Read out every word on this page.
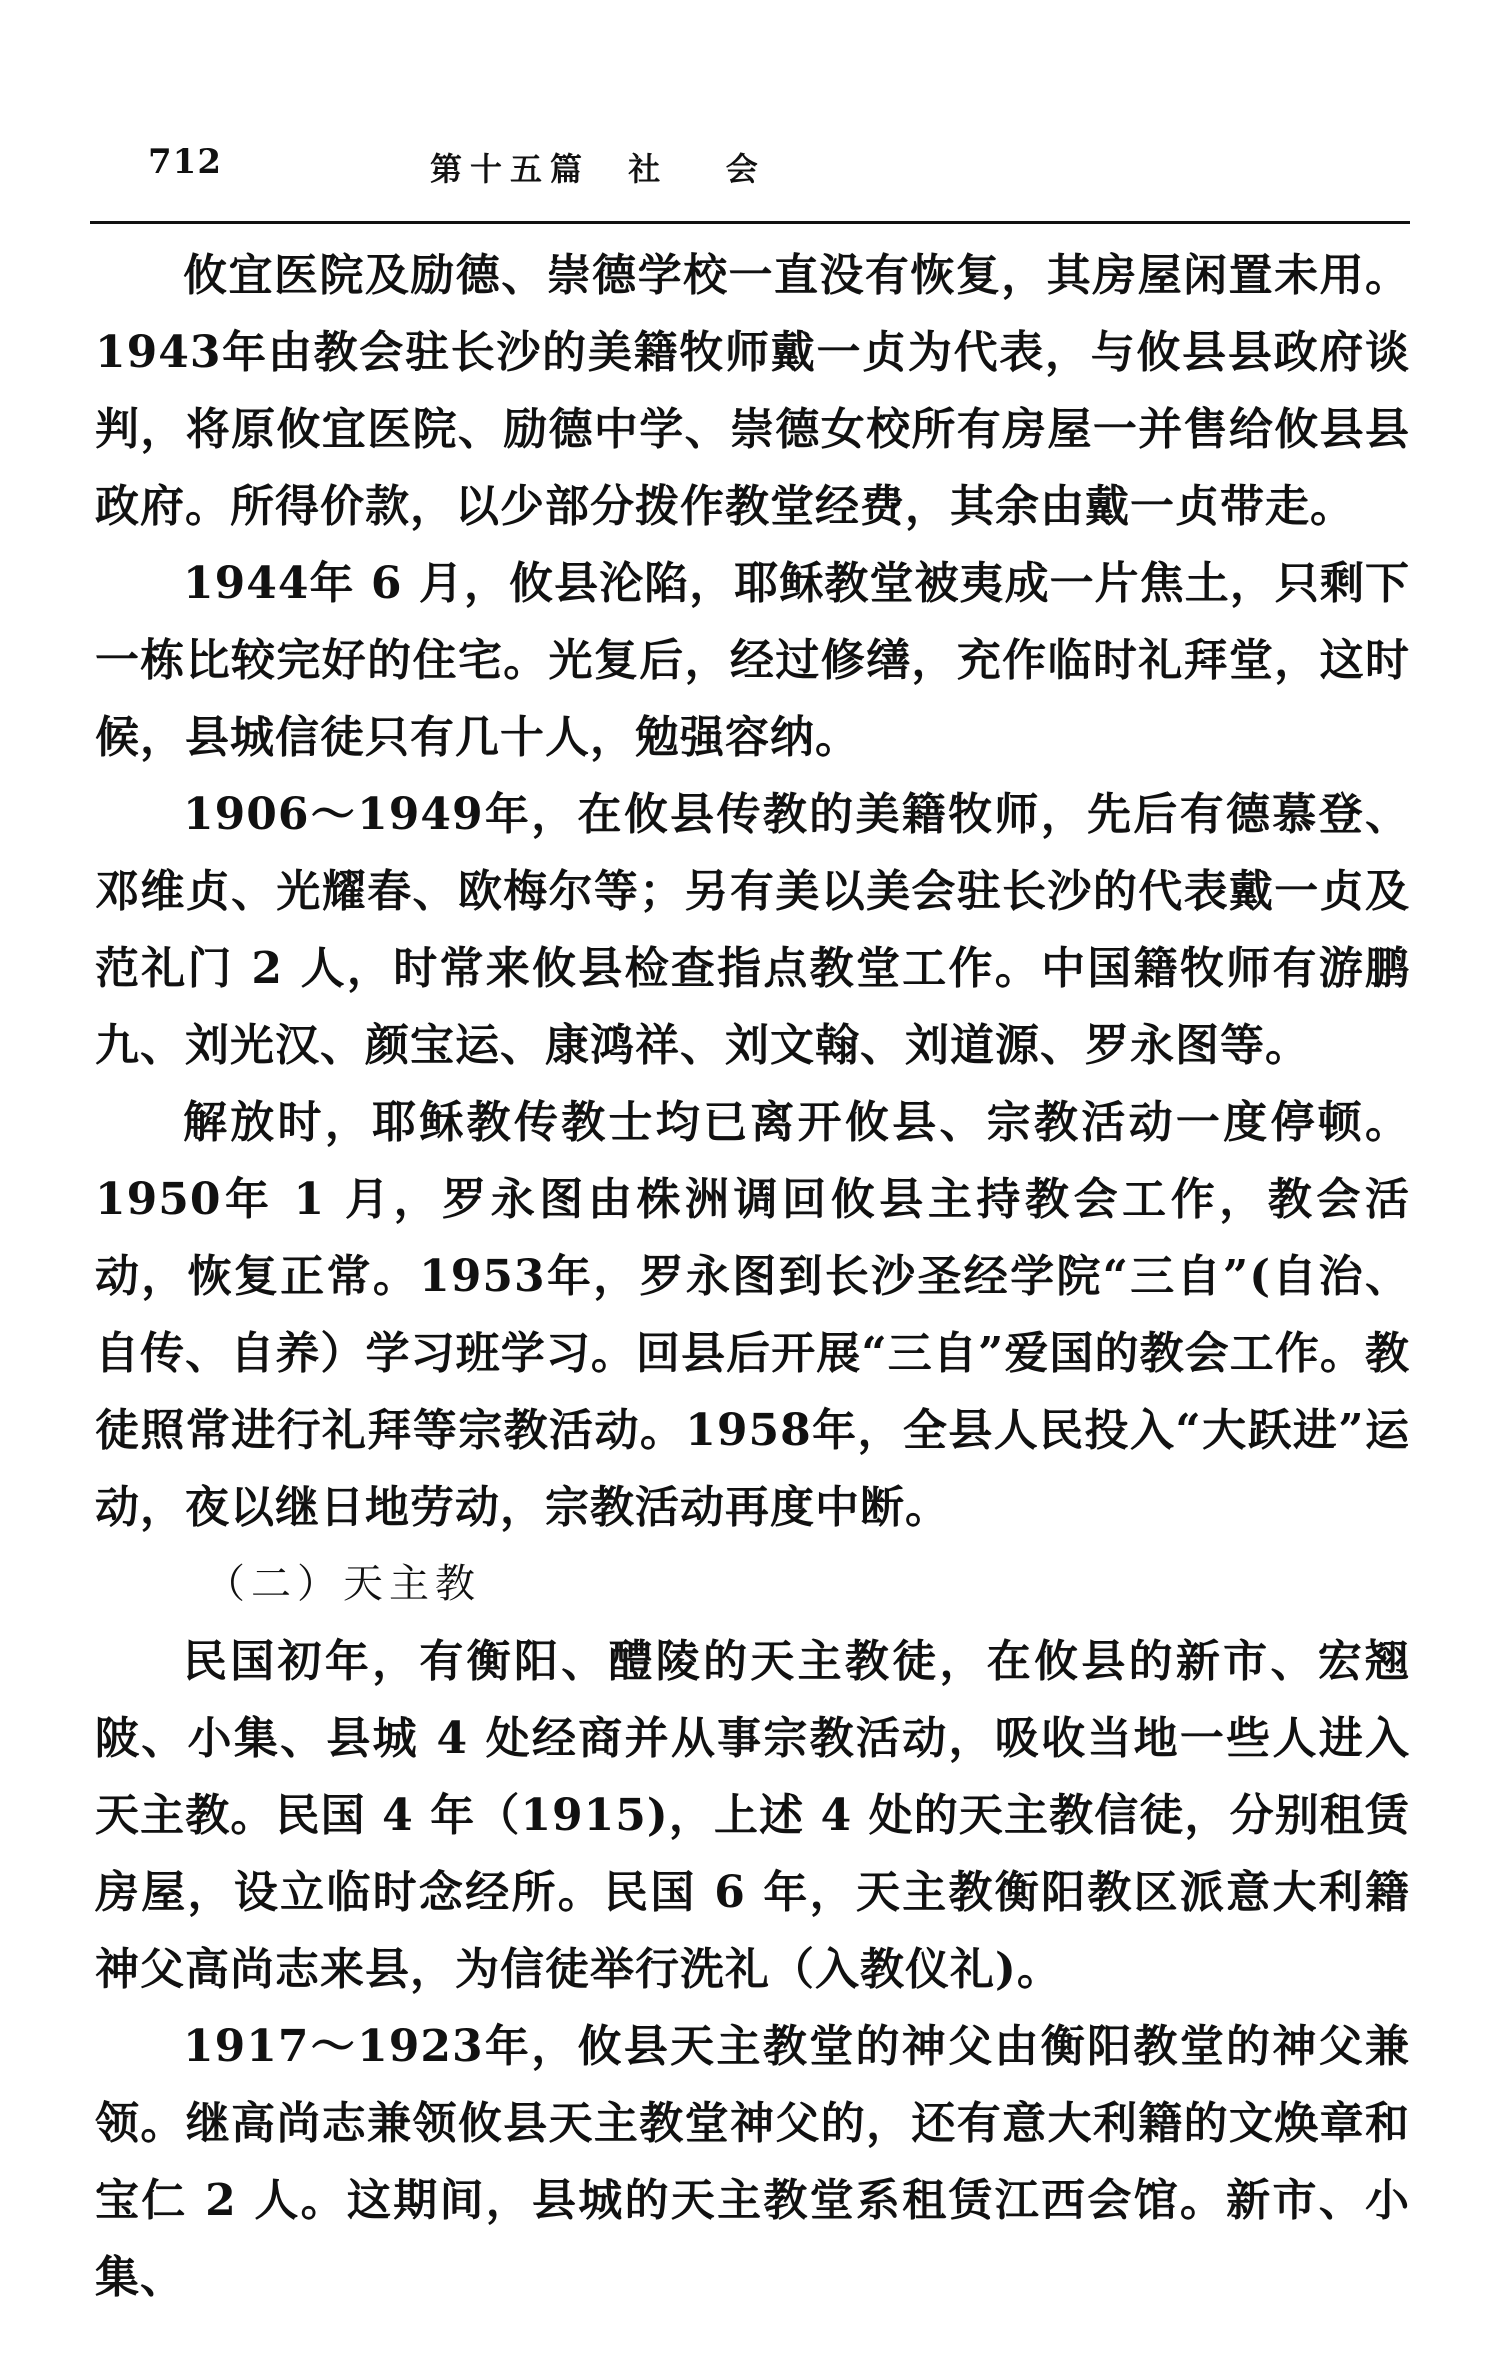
712	第十五篇  社   会

攸宜医院及励德、崇德学校一直没有恢复，其房屋闲置未用。1943年由教会驻长沙的美籍牧师戴一贞为代表，与攸县县政府谈判，将原攸宜医院、励德中学、崇德女校所有房屋一并售给攸县县政府。所得价款，以少部分拨作教堂经费，其余由戴一贞带走。

1944年 6 月，攸县沦陷，耶稣教堂被夷成一片焦土，只剩下一栋比较完好的住宅。光复后，经过修缮，充作临时礼拜堂，这时候，县城信徒只有几十人，勉强容纳。

1906～1949年，在攸县传教的美籍牧师，先后有德慕登、邓维贞、光耀春、欧梅尔等；另有美以美会驻长沙的代表戴一贞及范礼门 2 人，时常来攸县检查指点教堂工作。中国籍牧师有游鹏九、刘光汉、颜宝运、康鸿祥、刘文翰、刘道源、罗永图等。

解放时，耶稣教传教士均已离开攸县、宗教活动一度停顿。1950年 1 月，罗永图由株洲调回攸县主持教会工作，教会活动，恢复正常。1953年，罗永图到长沙圣经学院“三自”(自治、自传、自养）学习班学习。回县后开展“三自”爱国的教会工作。教徒照常进行礼拜等宗教活动。1958年，全县人民投入“大跃进”运动，夜以继日地劳动，宗教活动再度中断。

（二）天主教

民国初年，有衡阳、醴陵的天主教徒，在攸县的新市、宏翘陂、小集、县城 4 处经商并从事宗教活动，吸收当地一些人进入天主教。民国 4 年（1915)，上述 4 处的天主教信徒，分别租赁房屋，设立临时念经所。民国 6 年，天主教衡阳教区派意大利籍神父高尚志来县，为信徒举行洗礼（入教仪礼)。

1917～1923年，攸县天主教堂的神父由衡阳教堂的神父兼领。继高尚志兼领攸县天主教堂神父的，还有意大利籍的文焕章和宝仁 2 人。这期间，县城的天主教堂系租赁江西会馆。新市、小集、
